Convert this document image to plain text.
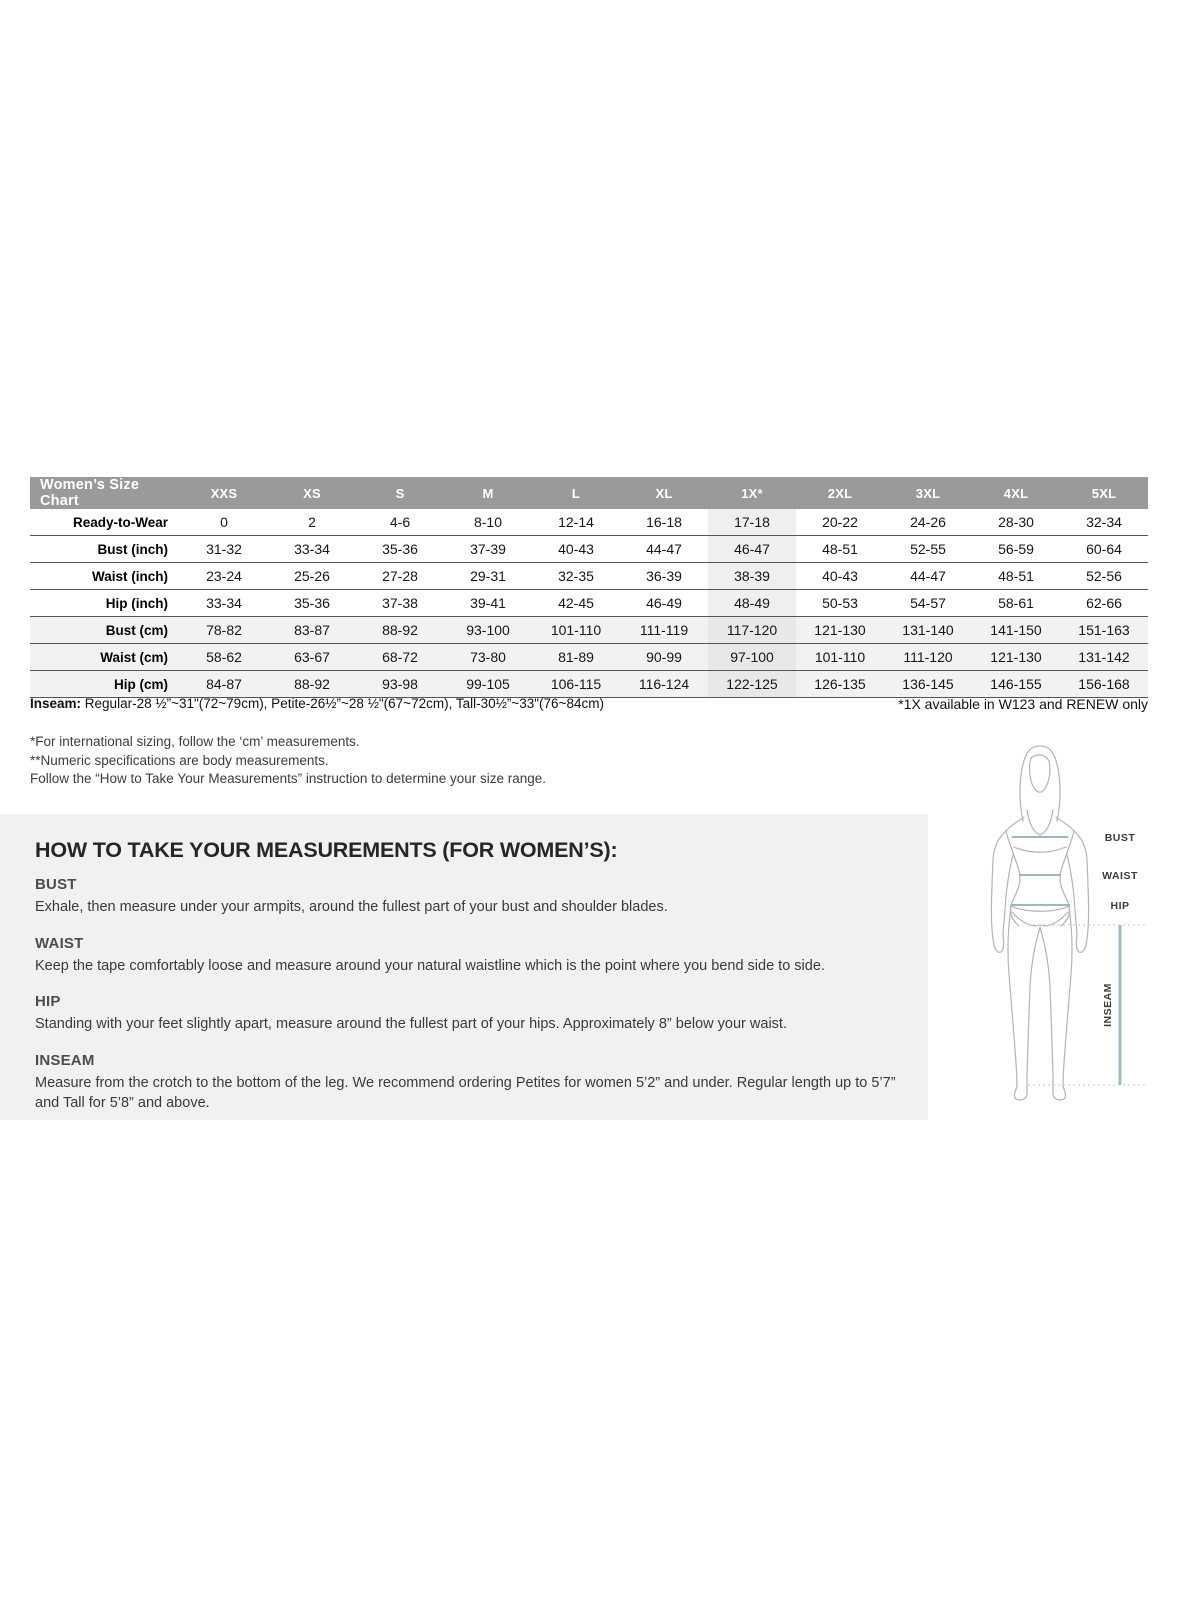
Women’s Size Chart	XXS	XS	S	M	L	XL	1X*	2XL	3XL	4XL	5XL
Ready-to-Wear	0	2	4-6	8-10	12-14	16-18	17-18	20-22	24-26	28-30	32-34
Bust (inch)	31-32	33-34	35-36	37-39	40-43	44-47	46-47	48-51	52-55	56-59	60-64
Waist (inch)	23-24	25-26	27-28	29-31	32-35	36-39	38-39	40-43	44-47	48-51	52-56
Hip (inch)	33-34	35-36	37-38	39-41	42-45	46-49	48-49	50-53	54-57	58-61	62-66
Bust (cm)	78-82	83-87	88-92	93-100	101-110	111-119	117-120	121-130	131-140	141-150	151-163
Waist (cm)	58-62	63-67	68-72	73-80	81-89	90-99	97-100	101-110	111-120	121-130	131-142
Hip (cm)	84-87	88-92	93-98	99-105	106-115	116-124	122-125	126-135	136-145	146-155	156-168
Inseam: Regular-28 ½”~31"(72~79cm), Petite-26½”~28 ½"(67~72cm), Tall-30½”~33"(76~84cm)	*1X available in W123 and RENEW only
*For international sizing, follow the ‘cm’ measurements.
**Numeric specifications are body measurements.
Follow the “How to Take Your Measurements” instruction to determine your size range.
HOW TO TAKE YOUR MEASUREMENTS (FOR WOMEN’S):
BUST

Exhale, then measure under your armpits, around the fullest part of your bust and shoulder blades.

WAIST

Keep the tape comfortably loose and measure around your natural waistline which is the point where you bend side to side.

HIP

Standing with your feet slightly apart, measure around the fullest part of your hips. Approximately 8” below your waist.

INSEAM

Measure from the crotch to the bottom of the leg. We recommend ordering Petites for women 5’2” and under. Regular length up to 5’7” and Tall for 5’8” and above.

BUST
WAIST
HIP
INSEAM
